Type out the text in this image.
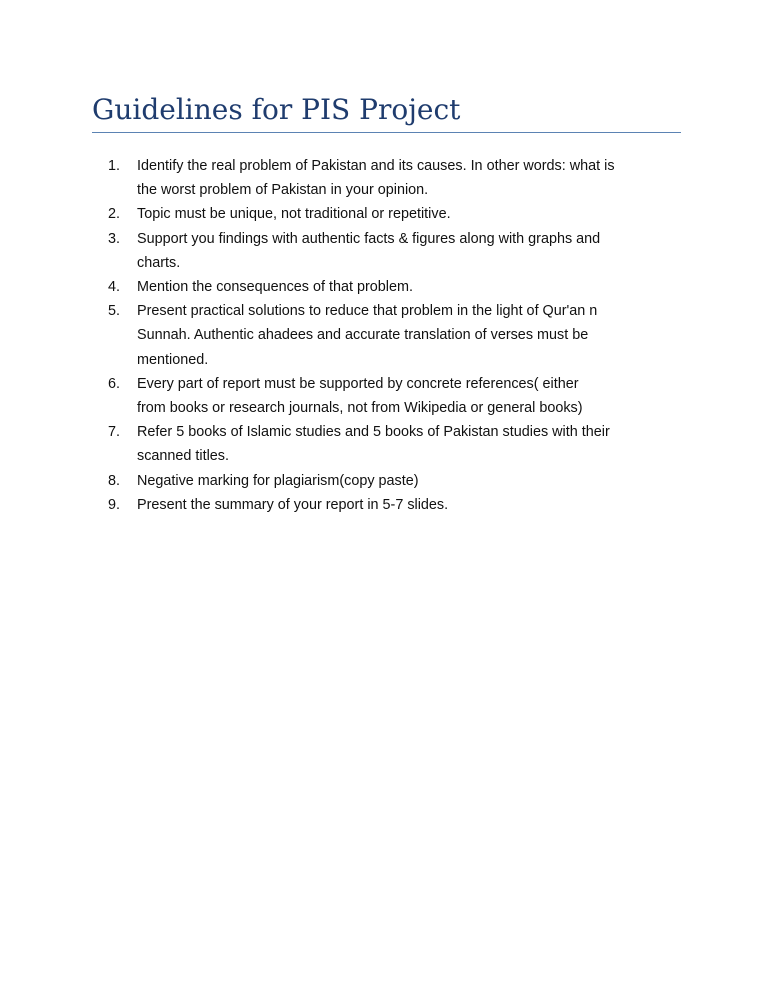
Guidelines for PIS Project
1.	Identify the real problem of Pakistan and its causes. In other words: what is
the worst problem of Pakistan in your opinion.
2.	Topic must be unique, not traditional or repetitive.
3.	Support you findings with authentic facts & figures along with graphs and
charts.
4.	Mention the consequences of that problem.
5.	Present practical solutions to reduce that problem in the light of Qur'an n
Sunnah. Authentic ahadees and accurate translation of verses must be
mentioned.
6.	Every part of report must be supported by concrete references( either
from books or research journals, not from Wikipedia or general books)
7.	Refer 5 books of Islamic studies and 5 books of Pakistan studies with their
scanned titles.
8.	Negative marking for plagiarism(copy paste)
9.	Present the summary of your report in 5-7 slides.
